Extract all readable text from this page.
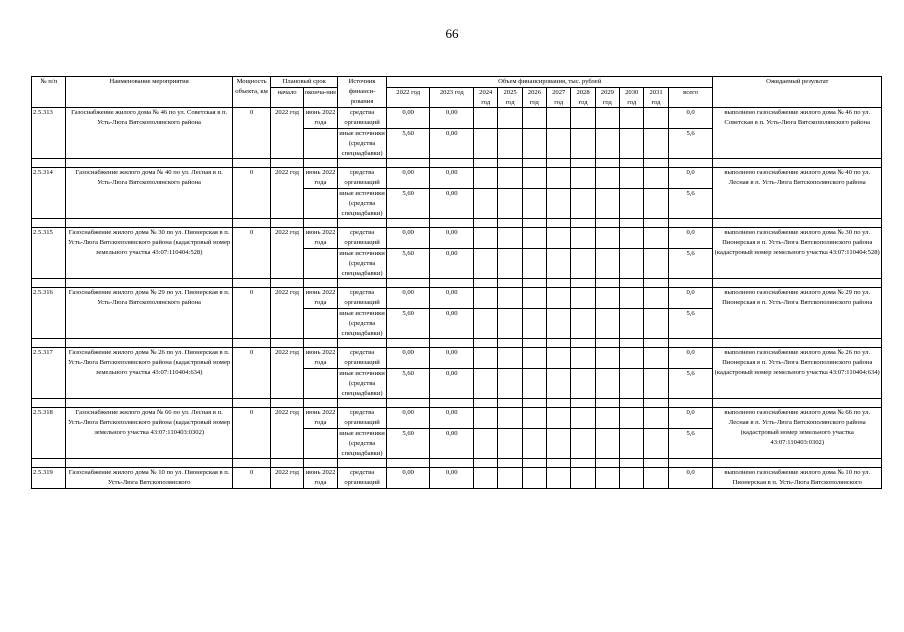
66
№ п/п	Наименование мероприятия	Мощность объекта, км	Плановый срок		Источник финанси-рования	Объем финансирования, тыс. рублей											Ожидаемый результат
			начало	оконча-ние		2022 год	2023 год	2024 год	2025 год	2026 год	2027 год	2028 год	2029 год	2030 год	2031 год	всего	
2.5.313	Газоснабжение жилого дома № 46 по ул. Советская в п. Усть-Люга Вятскополянского района	0	2022 год	июнь 2022 года	средства организаций	0,00	0,00									0,0	выполнено газоснабжение жилого дома № 46 по ул. Советская в п. Усть-Люга Вятскополянского района
					иные источники (средства спецнадбавки)	5,60	0,00									5,6	

2.5.314	Газоснабжение жилого дома № 40 по ул. Лесная в п. Усть-Люга Вятскополянского района	0	2022 год	июнь 2022 года	средства организаций	0,00	0,00									0,0	выполнено газоснабжение жилого дома № 40 по ул. Лесная в п. Усть-Люга Вятскополянского района
					иные источники (средства спецнадбавки)	5,60	0,00									5,6	

2.5.315	Газоснабжение жилого дома № 30 по ул. Пионерская в п. Усть-Люга Вятскополянского района (кадастровый номер земельного участка 43:07:110404:528)	0	2022 год	июнь 2022 года	средства организаций	0,00	0,00									0,0	выполнено газоснабжение жилого дома № 30 по ул. Пионерская в п. Усть-Люга Вятскополянского района (кадастровый номер земельного участка 43:07:110404:528)
					иные источники (средства спецнадбавки)	5,60	0,00									5,6	

2.5.316	Газоснабжение жилого дома № 29 по ул. Пионерская в п. Усть-Люга Вятскополянского района	0	2022 год	июнь 2022 года	средства организаций	0,00	0,00									0,0	выполнено газоснабжение жилого дома № 29 по ул. Пионерская в п. Усть-Люга Вятскополянского района
					иные источники (средства спецнадбавки)	5,60	0,00									5,6	

2.5.317	Газоснабжение жилого дома № 26 по ул. Пионерская в п. Усть-Люга Вятскополянского района (кадастровый номер земельного участка 43:07:110404:634)	0	2022 год	июнь 2022 года	средства организаций	0,00	0,00									0,0	выполнено газоснабжение жилого дома № 26 по ул. Пионерская в п. Усть-Люга Вятскополянского района (кадастровый номер земельного участка 43:07:110404:634)
					иные источники (средства спецнадбавки)	5,60	0,00									5,6	

2.5.318	Газоснабжение жилого дома № 66 по ул. Лесная в п. Усть-Люга Вятскополянского района (кадастровый номер земельного участка 43:07:110403:0302)	0	2022 год	июнь 2022 года	средства организаций	0,00	0,00									0,0	выполнено газоснабжение жилого дома № 66 по ул. Лесная в п. Усть-Люга Вятскополянского района (кадастровый номер земельного участка 43:07:110403:0302)
					иные источники (средства спецнадбавки)	5,60	0,00									5,6	

2.5.319	Газоснабжение жилого дома № 10 по ул. Пионерская в п. Усть-Люга Вятскополянского	0	2022 год	июнь 2022 года	средства организаций	0,00	0,00									0,0	выполнено газоснабжение жилого дома № 10 по ул. Пионерская в п. Усть-Люга Вятскополянского
